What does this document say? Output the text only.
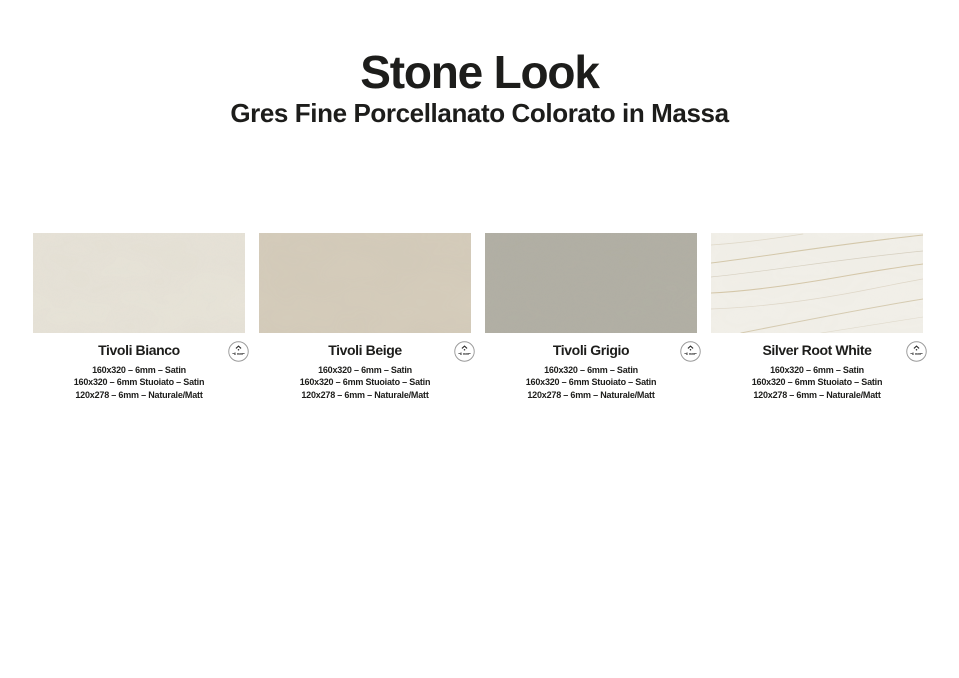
Stone Look
Gres Fine Porcellanato Colorato in Massa
Tivoli Bianco	6 mm
160x320 – 6mm – Satin
160x320 – 6mm Stuoiato – Satin
120x278 – 6mm – Naturale/Matt
Tivoli Beige	6 mm
160x320 – 6mm – Satin
160x320 – 6mm Stuoiato – Satin
120x278 – 6mm – Naturale/Matt
Tivoli Grigio	6 mm
160x320 – 6mm – Satin
160x320 – 6mm Stuoiato – Satin
120x278 – 6mm – Naturale/Matt
Silver Root White	6 mm
160x320 – 6mm – Satin
160x320 – 6mm Stuoiato – Satin
120x278 – 6mm – Naturale/Matt
